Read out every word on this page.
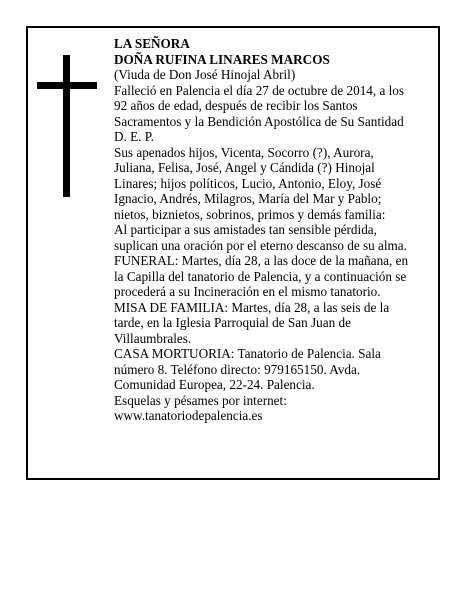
LA SEÑORA
DOÑA RUFINA LINARES MARCOS
(Viuda de Don José Hinojal Abril)
Falleció en Palencia el día 27 de octubre de 2014, a los
92 años de edad, después de recibir los Santos
Sacramentos y la Bendición Apostólica de Su Santidad
D. E. P.
Sus apenados hijos, Vicenta, Socorro (?), Aurora,
Juliana, Felisa, José, Angel y Cándida (?) Hinojal
Linares; hijos políticos, Lucio, Antonio, Eloy, José
Ignacio, Andrés, Milagros, María del Mar y Pablo;
nietos, biznietos, sobrinos, primos y demás familia:
Al participar a sus amistades tan sensible pérdida,
suplican una oración por el eterno descanso de su alma.
FUNERAL: Martes, día 28, a las doce de la mañana, en
la Capilla del tanatorio de Palencia, y a continuación se
procederá a su Incineración en el mismo tanatorio.
MISA DE FAMILIA: Martes, día 28, a las seis de la
tarde, en la Iglesia Parroquial de San Juan de
Villaumbrales.
CASA MORTUORIA: Tanatorio de Palencia. Sala
número 8. Teléfono directo: 979165150. Avda.
Comunidad Europea, 22-24. Palencia.
Esquelas y pésames por internet:
www.tanatoriodepalencia.es
